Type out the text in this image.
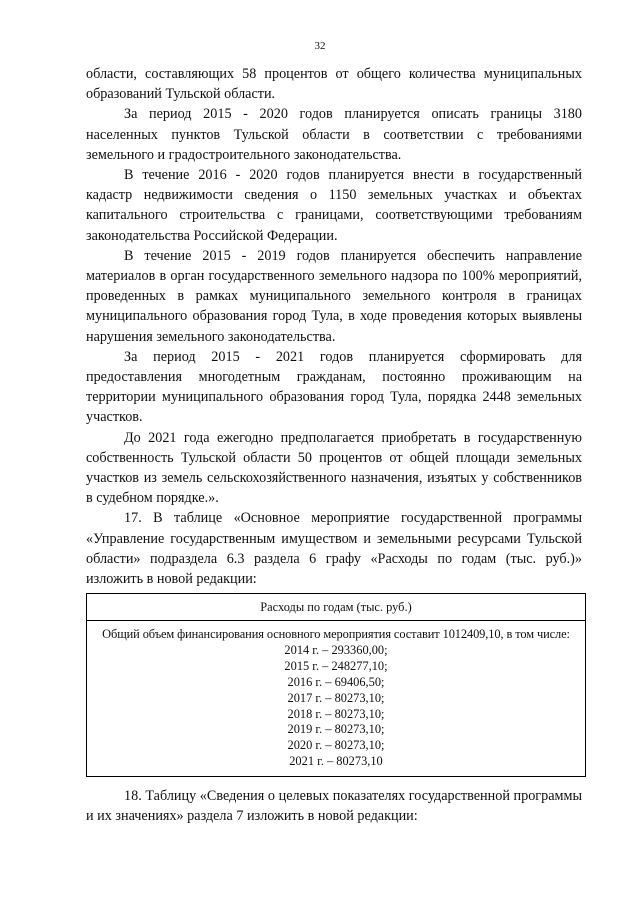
32

области, составляющих 58 процентов от общего количества муниципальных образований Тульской области.

За период 2015 - 2020 годов планируется описать границы 3180 населенных пунктов Тульской области в соответствии с требованиями земельного и градостроительного законодательства.

В течение 2016 - 2020 годов планируется внести в государственный кадастр недвижимости сведения о 1150 земельных участках и объектах капитального строительства с границами, соответствующими требованиям законодательства Российской Федерации.

В течение 2015 - 2019 годов планируется обеспечить направление материалов в орган государственного земельного надзора по 100% мероприятий, проведенных в рамках муниципального земельного контроля в границах муниципального образования город Тула, в ходе проведения которых выявлены нарушения земельного законодательства.

За период 2015 - 2021 годов планируется сформировать для предоставления многодетным гражданам, постоянно проживающим на территории муниципального образования город Тула, порядка 2448 земельных участков.

До 2021 года ежегодно предполагается приобретать в государственную собственность Тульской области 50 процентов от общей площади земельных участков из земель сельскохозяйственного назначения, изъятых у собственников в судебном порядке.».

17. В таблице «Основное мероприятие государственной программы «Управление государственным имуществом и земельными ресурсами Тульской области» подраздела 6.3 раздела 6 графу «Расходы по годам (тыс. руб.)» изложить в новой редакции:

Расходы по годам (тыс. руб.)
Общий объем финансирования основного мероприятия составит 1012409,10, в том числе:
2014 г. – 293360,00;
2015 г. – 248277,10;
2016 г. – 69406,50;
2017 г. – 80273,10;
2018 г. – 80273,10;
2019 г. – 80273,10;
2020 г. – 80273,10;
2021 г. – 80273,10

18. Таблицу «Сведения о целевых показателях государственной программы и их значениях» раздела 7 изложить в новой редакции:
